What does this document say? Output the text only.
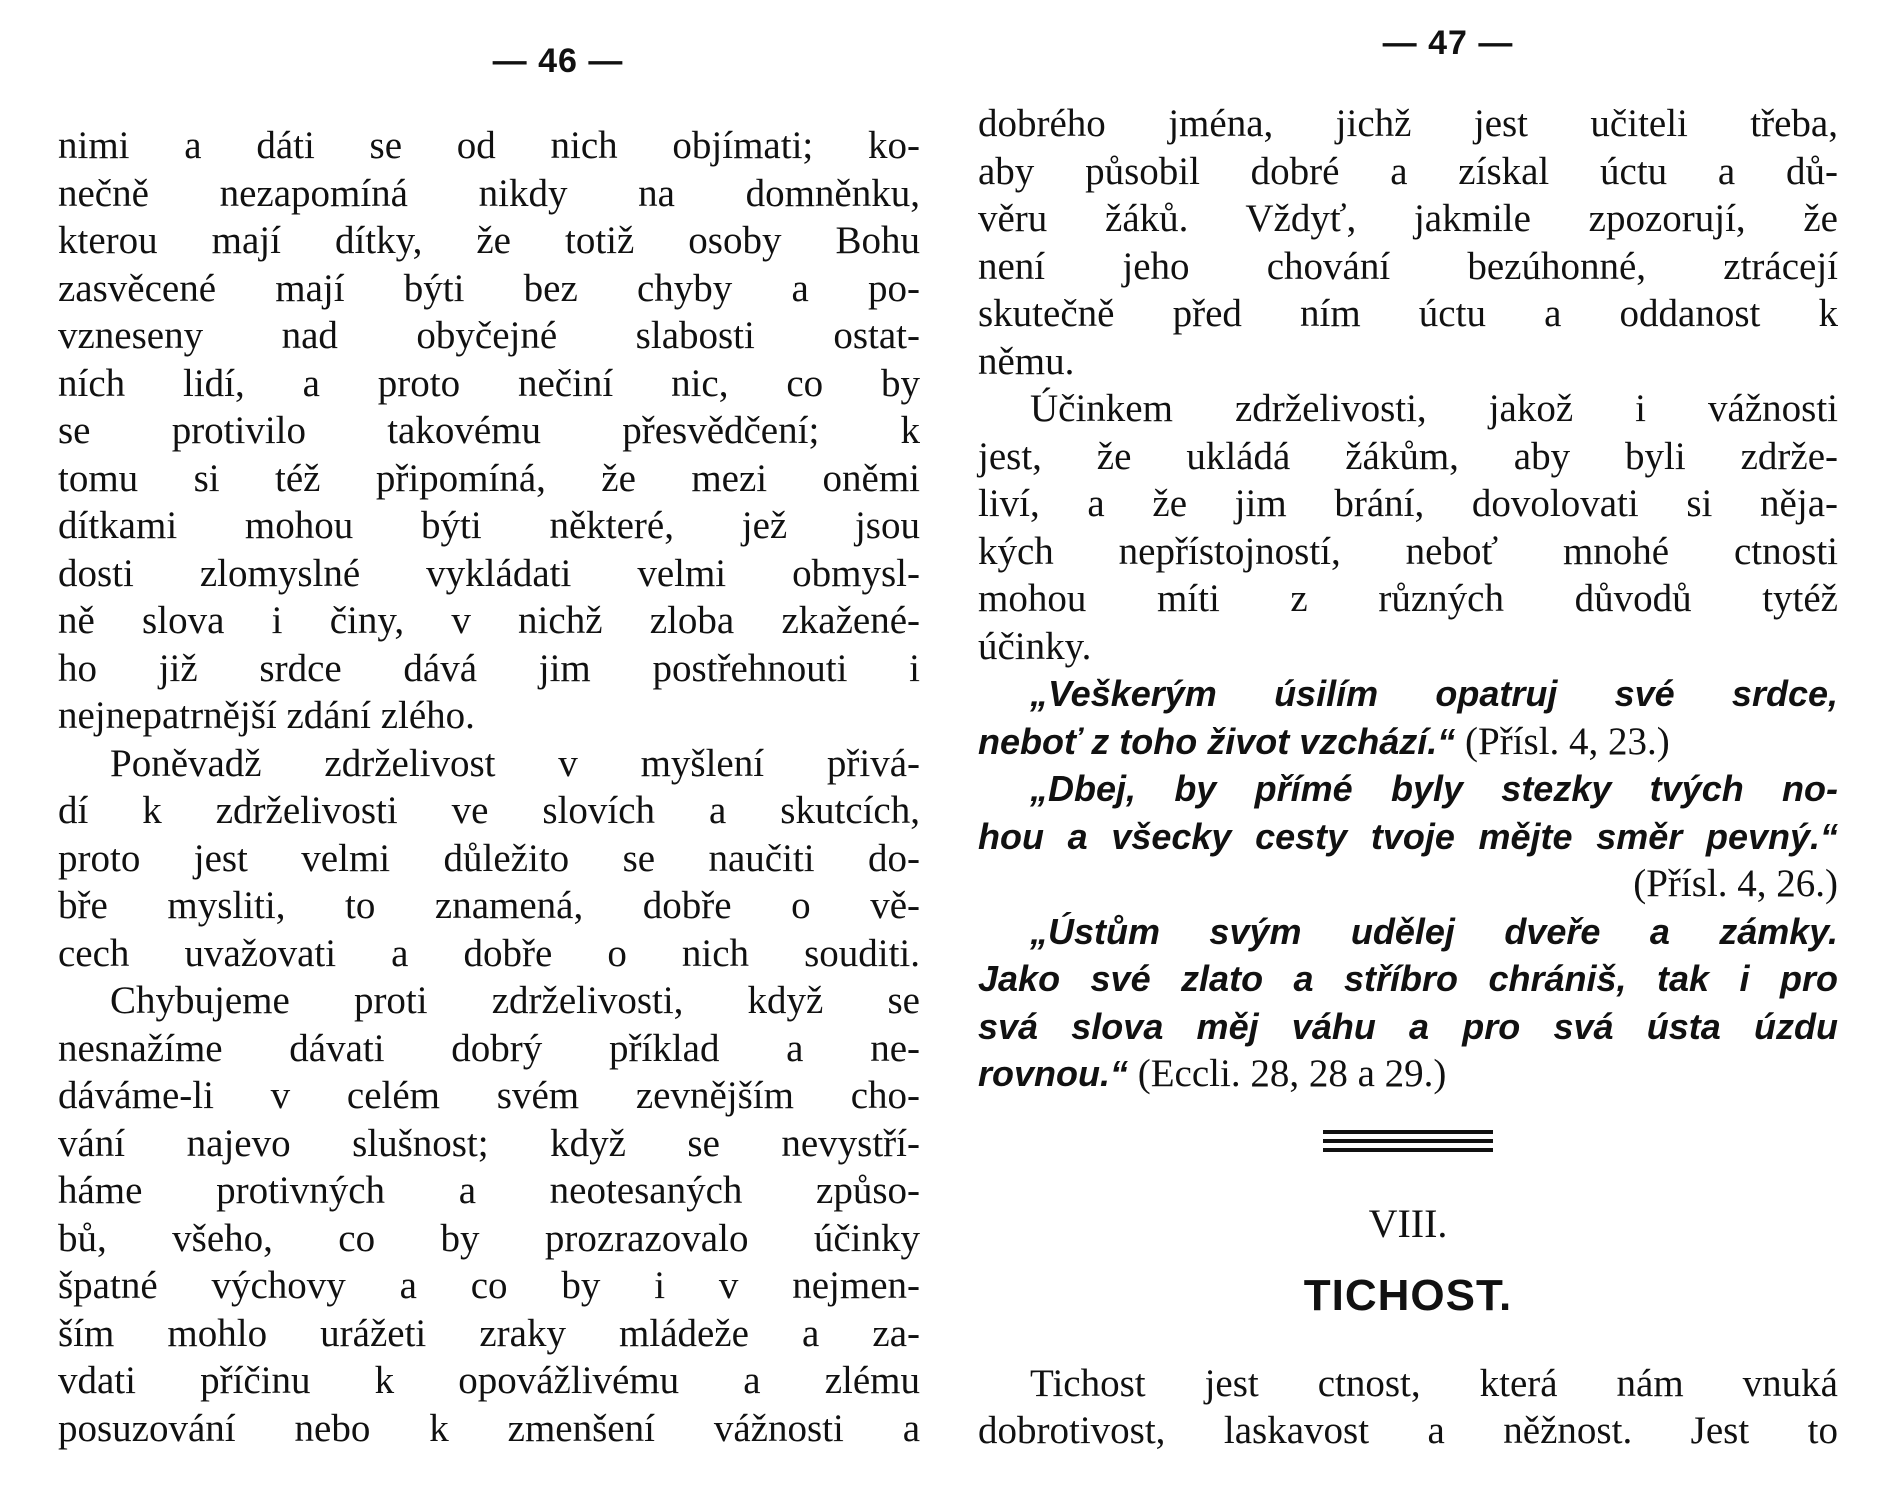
— 46 —
nimi a dáti se od nich objímati; ko-
nečně nezapomíná nikdy na domněnku,
kterou mají dítky, že totiž osoby Bohu
zasvěcené mají býti bez chyby a po-
vzneseny nad obyčejné slabosti ostat-
ních lidí, a proto nečiní nic, co by
se protivilo takovému přesvědčení; k
tomu si též připomíná, že mezi oněmi
dítkami mohou býti některé, jež jsou
dosti zlomyslné vykládati velmi obmysl-
ně slova i činy, v nichž zloba zkažené-
ho již srdce dává jim postřehnouti i
nejnepatrnější zdání zlého.
Poněvadž zdrželivost v myšlení přivá-
dí k zdrželivosti ve slovích a skutcích,
proto jest velmi důležito se naučiti do-
bře mysliti, to znamená, dobře o vě-
cech uvažovati a dobře o nich souditi.
Chybujeme proti zdrželivosti, když se
nesnažíme dávati dobrý příklad a ne-
dáváme-li v celém svém zevnějším cho-
vání najevo slušnost; když se nevystří-
háme protivných a neotesaných způso-
bů, všeho, co by prozrazovalo účinky
špatné výchovy a co by i v nejmen-
ším mohlo urážeti zraky mládeže a za-
vdati příčinu k opovážlivému a zlému
posuzování nebo k zmenšení vážnosti a
— 47 —
dobrého jména, jichž jest učiteli třeba,
aby působil dobré a získal úctu a dů-
věru žáků. Vždyť, jakmile zpozorují, že
není jeho chování bezúhonné, ztrácejí
skutečně před ním úctu a oddanost k
němu.
Účinkem zdrželivosti, jakož i vážnosti
jest, že ukládá žákům, aby byli zdrže-
liví, a že jim brání, dovolovati si něja-
kých nepřístojností, neboť mnohé ctnosti
mohou míti z různých důvodů tytéž
účinky.
„Veškerým úsilím opatruj své srdce,
neboť z toho život vzchází.“ (Přísl. 4, 23.)
„Dbej, by přímé byly stezky tvých no-
hou a všecky cesty tvoje mějte směr pevný.“
(Přísl. 4, 26.)
„Ústům svým udělej dveře a zámky.
Jako své zlato a stříbro chrániš, tak i pro
svá slova měj váhu a pro svá ústa úzdu
rovnou.“ (Eccli. 28, 28 a 29.)
VIII.
TICHOST.
Tichost jest ctnost, která nám vnuká
dobrotivost, laskavost a něžnost. Jest to
